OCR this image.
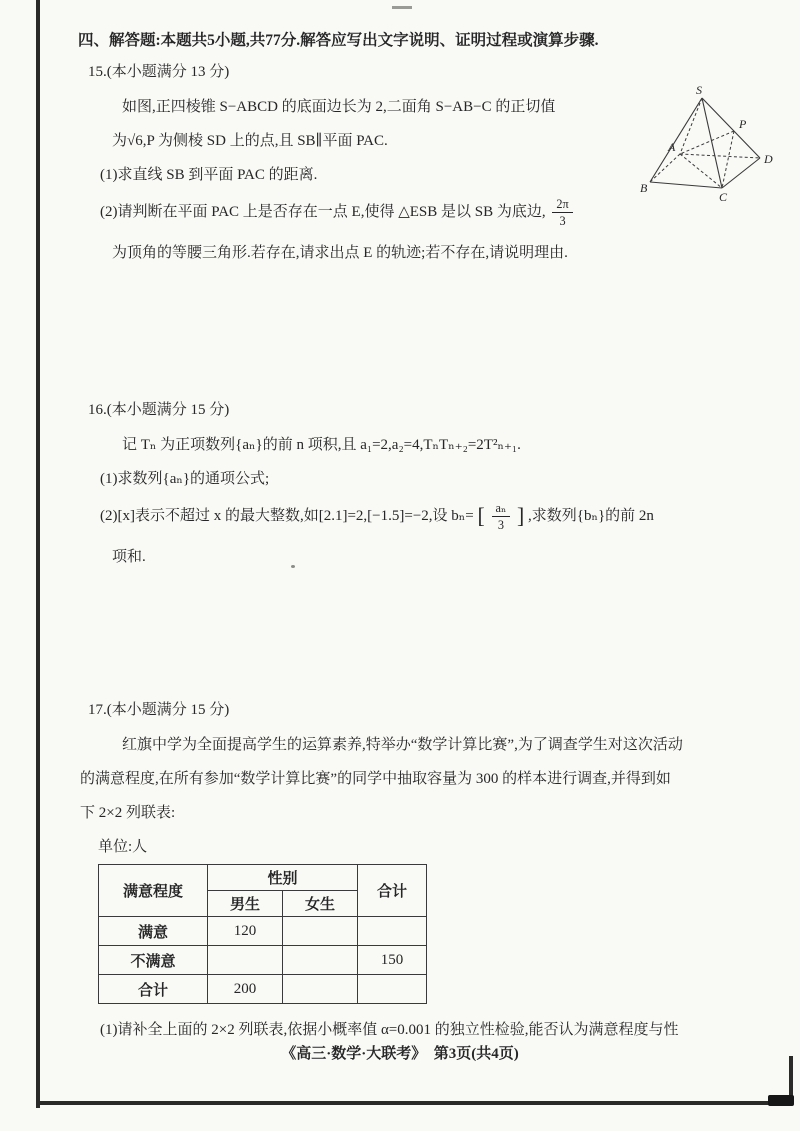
四、解答题:本题共5小题,共77分.解答应写出文字说明、证明过程或演算步骤.
15.(本小题满分 13 分)
如图,正四棱锥 S−ABCD 的底面边长为 2,二面角 S−AB−C 的正切值
为√6,P 为侧棱 SD 上的点,且 SB∥平面 PAC.
(1)求直线 SB 到平面 PAC 的距离.
(2)请判断在平面 PAC 上是否存在一点 E,使得 △ESB 是以 SB 为底边, $\frac{2\pi}{3}$
为顶角的等腰三角形.若存在,请求出点 E 的轨迹;若不存在,请说明理由.
S
P
A
B
C
D
16.(本小题满分 15 分)
记 Tₙ 为正项数列{aₙ}的前 n 项积,且 a₁=2,a₂=4,TₙTₙ₊₂=2T²ₙ₊₁.
(1)求数列{aₙ}的通项公式;
(2)[x]表示不超过 x 的最大整数,如[2.1]=2,[−1.5]=−2,设 bₙ= [ $\frac{\text{aₙ}}{3}$ ] ,求数列{bₙ}的前 2n
项和.
17.(本小题满分 15 分)
红旗中学为全面提高学生的运算素养,特举办“数学计算比赛”,为了调查学生对这次活动
的满意程度,在所有参加“数学计算比赛”的同学中抽取容量为 300 的样本进行调查,并得到如
下 2×2 列联表:
单位:人
满意程度	性别		合计
	男生	女生	
满意	120		
不满意			150
合计	200		
(1)请补全上面的 2×2 列联表,依据小概率值 α=0.001 的独立性检验,能否认为满意程度与性
《高三·数学·大联考》　第3页(共4页)
